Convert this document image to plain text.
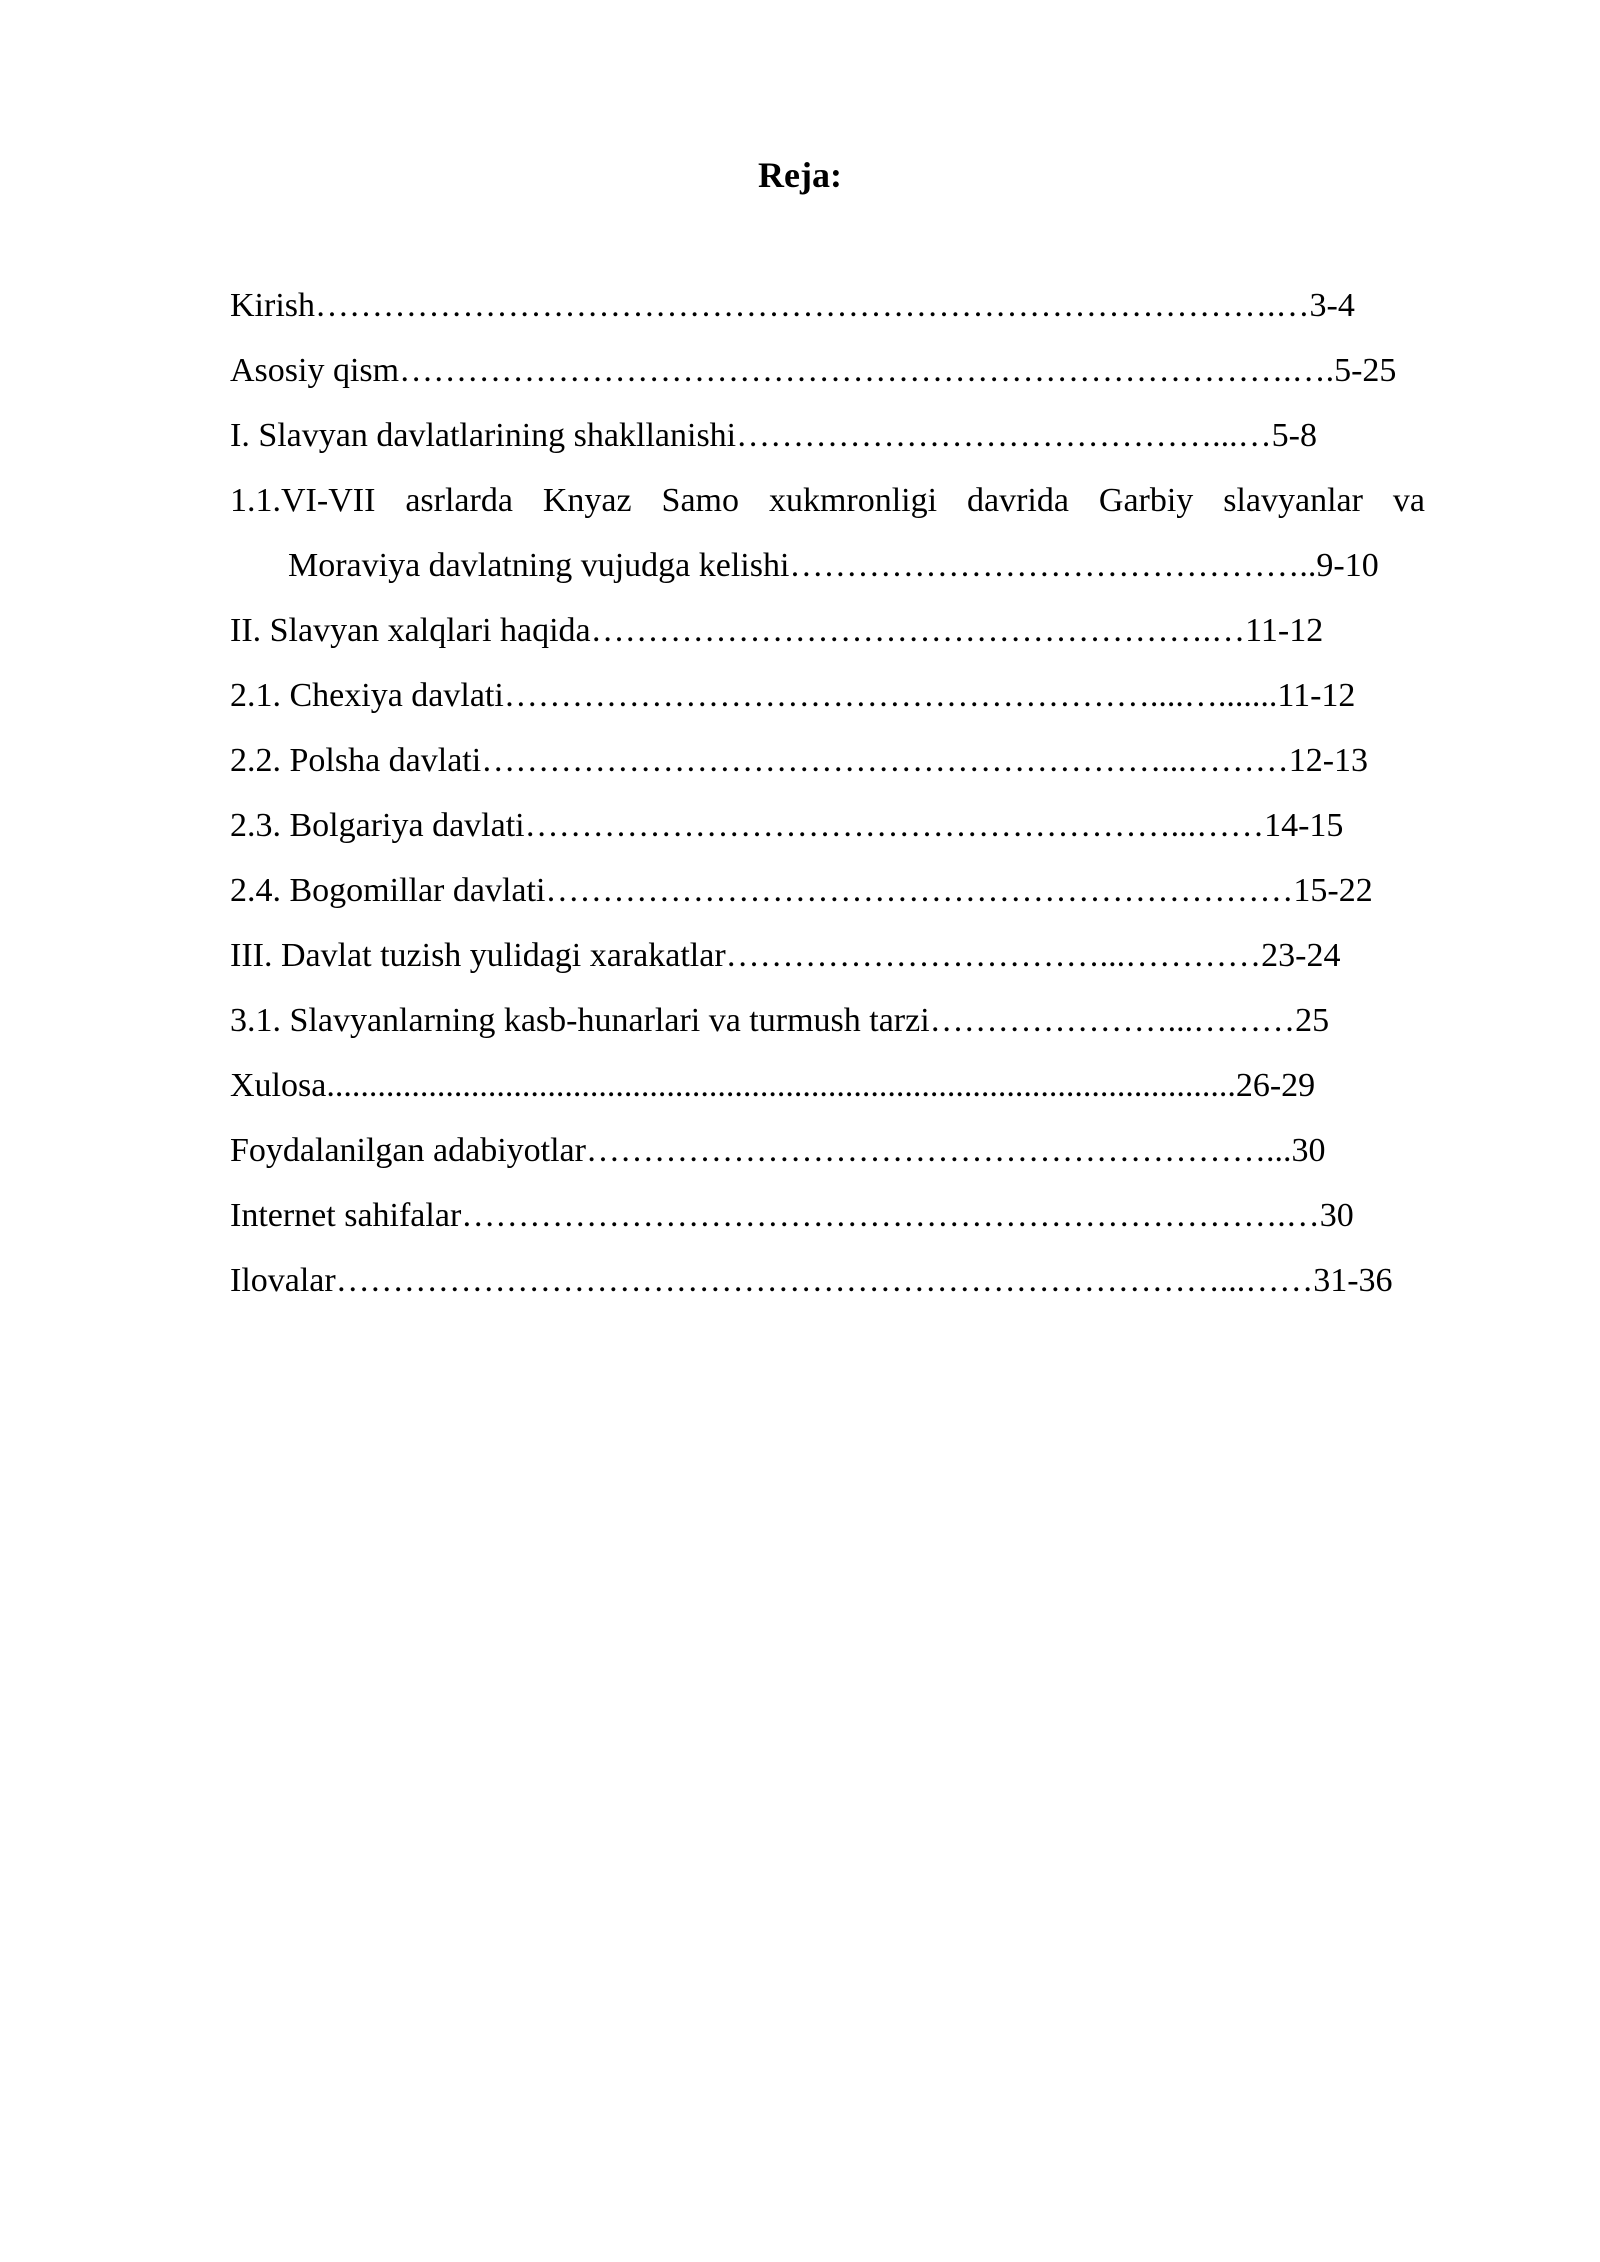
Reja:
Kirish………………………………………………………………………….…3-4
Asosiy qism…………………………………………………………………….….5-25
I. Slavyan davlatlarining shakllanishi……………………………………...…5-8
1.1.VI-VII asrlarda Knyaz Samo xukmronligi davrida Garbiy slavyanlar va
Moraviya davlatning vujudga kelishi………………………………………..9-10
II. Slavyan xalqlari haqida……………………………………………….…11-12
2.1. Chexiya davlati…………………………………………………....….......11-12
2.2. Polsha davlati……………………………………………………...………12-13
2.3. Bolgariya davlati…………………………………………………...……14-15
2.4. Bogomillar davlati…………………………………………………………15-22
III. Davlat tuzish yulidagi xarakatlar……………………………...…………23-24
3.1. Slavyanlarning kasb-hunarlari va turmush tarzi…………………...………25
Xulosa...........................................................................................................26-29
Foydalanilgan adabiyotlar……………………………………………………...30
Internet sahifalar……………………………………………………………….…30
Ilovalar……………………………………………………………………...……31-36
